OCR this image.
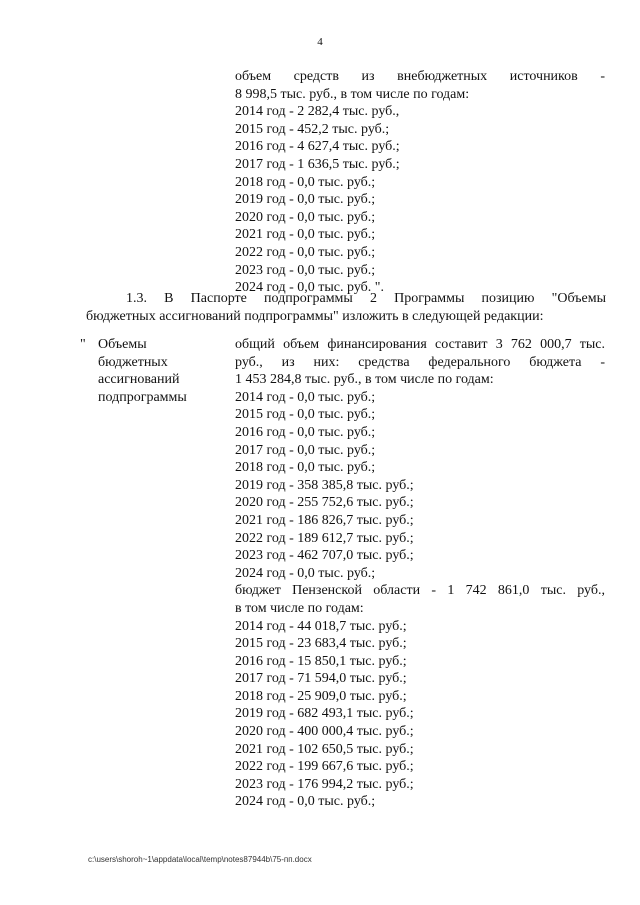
4
объем средств из внебюджетных источников -
8 998,5 тыс. руб., в том числе по годам:
2014 год - 2 282,4 тыс. руб.,
2015 год - 452,2 тыс. руб.;
2016 год - 4 627,4 тыс. руб.;
2017 год - 1 636,5 тыс. руб.;
2018 год - 0,0 тыс. руб.;
2019 год - 0,0 тыс. руб.;
2020 год - 0,0 тыс. руб.;
2021 год - 0,0 тыс. руб.;
2022 год - 0,0 тыс. руб.;
2023 год - 0,0 тыс. руб.;
2024 год - 0,0 тыс. руб. ".
1.3. В Паспорте подпрограммы 2 Программы позицию "Объемы
бюджетных ассигнований подпрограммы" изложить в следующей редакции:
" Объемы
бюджетных
ассигнований
подпрограммы
общий объем финансирования составит 3 762 000,7 тыс.
руб., из них: средства федерального бюджета -
1 453 284,8 тыс. руб., в том числе по годам:
2014 год - 0,0 тыс. руб.;
2015 год - 0,0 тыс. руб.;
2016 год - 0,0 тыс. руб.;
2017 год - 0,0 тыс. руб.;
2018 год - 0,0 тыс. руб.;
2019 год - 358 385,8 тыс. руб.;
2020 год - 255 752,6 тыс. руб.;
2021 год - 186 826,7 тыс. руб.;
2022 год - 189 612,7 тыс. руб.;
2023 год - 462 707,0 тыс. руб.;
2024 год - 0,0 тыс. руб.;
бюджет Пензенской области - 1 742 861,0 тыс. руб.,
в том числе по годам:
2014 год - 44 018,7 тыс. руб.;
2015 год - 23 683,4 тыс. руб.;
2016 год - 15 850,1 тыс. руб.;
2017 год - 71 594,0 тыс. руб.;
2018 год - 25 909,0 тыс. руб.;
2019 год - 682 493,1 тыс. руб.;
2020 год - 400 000,4 тыс. руб.;
2021 год - 102 650,5 тыс. руб.;
2022 год - 199 667,6 тыс. руб.;
2023 год - 176 994,2 тыс. руб.;
2024 год - 0,0 тыс. руб.;
c:\users\shoroh~1\appdata\local\temp\notes87944b\75-пп.docx
